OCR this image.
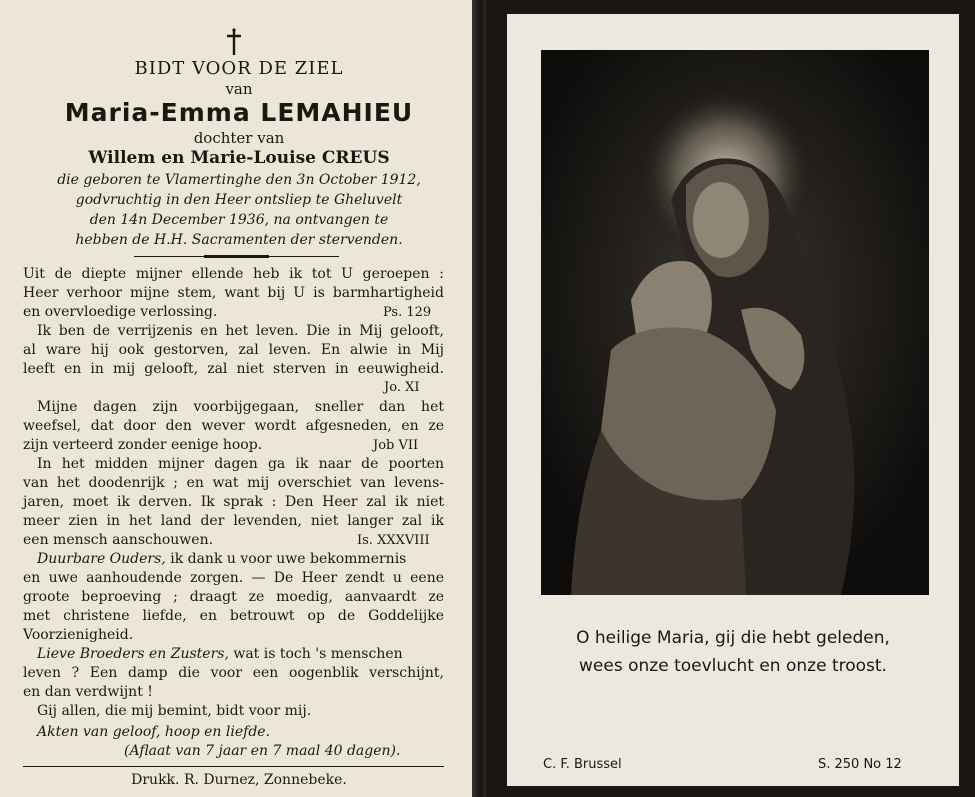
BIDT VOOR DE ZIEL
van
Maria-Emma LEMAHIEU
dochter van
Willem en Marie-Louise CREUS
die geboren te Vlamertinghe den 3n October 1912,
godvruchtig in den Heer ontsliep te Gheluvelt
den 14n December 1936, na ontvangen te
hebben de H.H. Sacramenten der stervenden.
Uit de diepte mijner ellende heb ik tot U geroepen :
Heer verhoor mijne stem, want bij U is barmhartigheid
en overvloedige verlossing.	Ps. 129
Ik ben de verrijzenis en het leven. Die in Mij gelooft,
al ware hij ook gestorven, zal leven. En alwie in Mij
leeft en in mij gelooft, zal niet sterven in eeuwigheid.
Jo. XI
Mijne dagen zijn voorbijgegaan, sneller dan het
weefsel, dat door den wever wordt afgesneden, en ze
zijn verteerd zonder eenige hoop.	Job VII
In het midden mijner dagen ga ik naar de poorten
van het doodenrijk ; en wat mij overschiet van levens-
jaren, moet ik derven. Ik sprak : Den Heer zal ik niet
meer zien in het land der levenden, niet langer zal ik
een mensch aanschouwen.	Is. XXXVIII
Duurbare Ouders, ik dank u voor uwe bekommernis
en uwe aanhoudende zorgen. — De Heer zendt u eene
groote beproeving ; draagt ze moedig, aanvaardt ze
met christene liefde, en betrouwt op de Goddelijke
Voorzienigheid.
Lieve Broeders en Zusters, wat is toch 's menschen
leven ? Een damp die voor een oogenblik verschijnt,
en dan verdwijnt !
Gij allen, die mij bemint, bidt voor mij.
Akten van geloof, hoop en liefde.
(Aflaat van 7 jaar en 7 maal 40 dagen).
Drukk. R. Durnez, Zonnebeke.
O heilige Maria, gij die hebt geleden,
wees onze toevlucht en onze troost.
C. F. Brussel	S. 250 No 12
